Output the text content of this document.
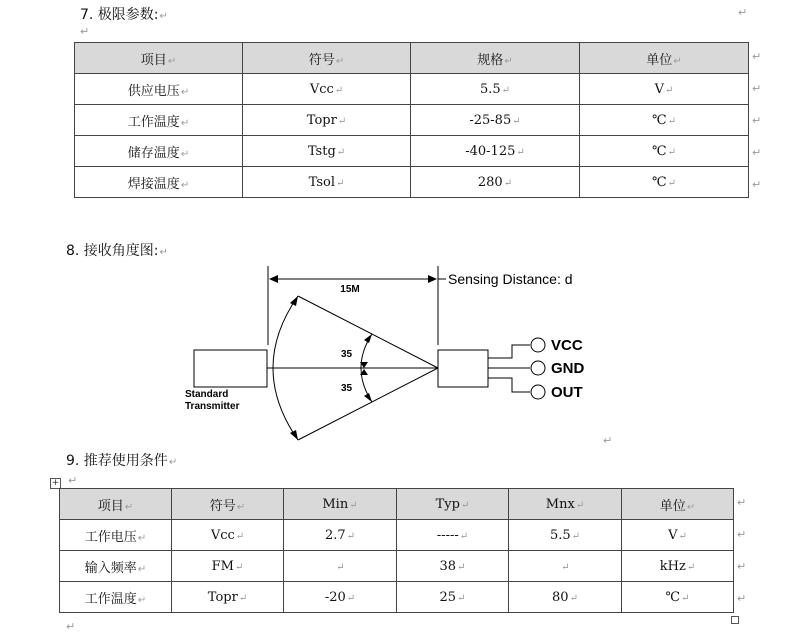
7. 极限参数:↵	↵
↵
项目↵	符号↵	规格↵	单位↵
供应电压↵	Vcc↵	5.5↵	V↵
工作温度↵	Topr↵	-25-85↵	℃↵
储存温度↵	Tstg↵	-40-125↵	℃↵
焊接温度↵	Tsol↵	280↵	℃↵
↵
↵
↵
↵
↵
8. 接收角度图:↵
15M
Sensing Distance: d
Standard
Transmitter
35
35
VCC
GND
OUT
↵
9. 推荐使用条件↵
+ ↵
项目↵	符号↵	Min↵	Typ↵	Mnx↵	单位↵
工作电压↵	Vcc↵	2.7↵	-----↵	5.5↵	V↵
输入频率↵	FM↵	↵	38↵	↵	kHz↵
工作温度↵	Topr↵	-20↵	25↵	80↵	℃↵
↵
↵
↵
↵
↵
